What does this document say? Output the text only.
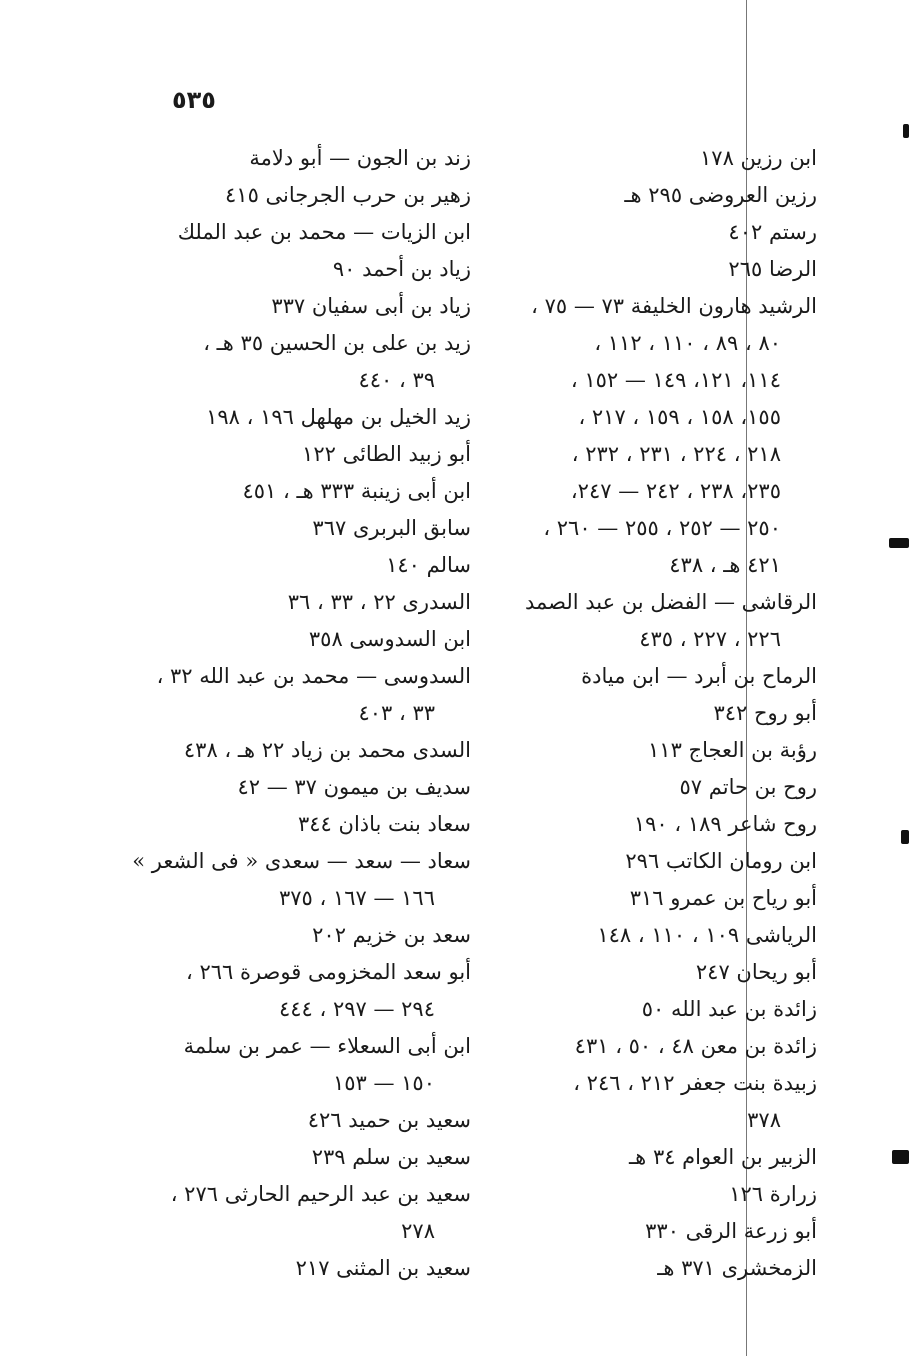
٥٣٥
ابن رزين ١٧٨
رزين العروضى ٢٩٥ هـ
رستم ٤٠٢
الرضا ٢٦٥
الرشيد هارون الخليفة ٧٣ — ٧٥ ،
٨٠ ، ٨٩ ، ١١٠ ، ١١٢ ،
١١٤، ١٢١، ١٤٩ — ١٥٢ ،
١٥٥، ١٥٨ ، ١٥٩ ، ٢١٧ ،
٢١٨ ، ٢٢٤ ، ٢٣١ ، ٢٣٢ ،
٢٣٥، ٢٣٨ ، ٢٤٢ — ٢٤٧،
٢٥٠ — ٢٥٢ ، ٢٥٥ — ٢٦٠ ،
٤٢١ هـ ، ٤٣٨
الرقاشى — الفضل بن عبد الصمد
٢٢٦ ، ٢٢٧ ، ٤٣٥
الرماح بن أبرد — ابن ميادة
أبو روح ٣٤٢
رؤبة بن العجاج ١١٣
روح بن حاتم ٥٧
روح شاعر ١٨٩ ، ١٩٠
ابن رومان الكاتب ٢٩٦
أبو رياح بن عمرو ٣١٦
الرياشى ١٠٩ ، ١١٠ ، ١٤٨
أبو ريحان ٢٤٧
زائدة بن عبد الله ٥٠
زائدة بن معن ٤٨ ، ٥٠ ، ٤٣١
زبيدة بنت جعفر ٢١٢ ، ٢٤٦ ،
٣٧٨
الزبير بن العوام ٣٤ هـ
زرارة ١٢٦
أبو زرعة الرقى ٣٣٠
الزمخشرى ٣٧١ هـ
زند بن الجون — أبو دلامة
زهير بن حرب الجرجانى ٤١٥
ابن الزيات — محمد بن عبد الملك
زياد بن أحمد ٩٠
زياد بن أبى سفيان ٣٣٧
زيد بن على بن الحسين ٣٥ هـ ،
٣٩ ، ٤٤٠
زيد الخيل بن مهلهل ١٩٦ ، ١٩٨
أبو زبيد الطائى ١٢٢
ابن أبى زينبة ٣٣٣ هـ ، ٤٥١
سابق البربرى ٣٦٧
سالم ١٤٠
السدرى ٢٢ ، ٣٣ ، ٣٦
ابن السدوسى ٣٥٨
السدوسى — محمد بن عبد الله ٣٢ ،
٣٣ ، ٤٠٣
السدى محمد بن زياد ٢٢ هـ ، ٤٣٨
سديف بن ميمون ٣٧ — ٤٢
سعاد بنت باذان ٣٤٤
سعاد — سعد — سعدى « فى الشعر »
١٦٦ — ١٦٧ ، ٣٧٥
سعد بن خزيم ٢٠٢
أبو سعد المخزومى قوصرة ٢٦٦ ،
٢٩٤ — ٢٩٧ ، ٤٤٤
ابن أبى السعلاء — عمر بن سلمة
١٥٠ — ١٥٣
سعيد بن حميد ٤٢٦
سعيد بن سلم ٢٣٩
سعيد بن عبد الرحيم الحارثى ٢٧٦ ،
٢٧٨
سعيد بن المثنى ٢١٧
